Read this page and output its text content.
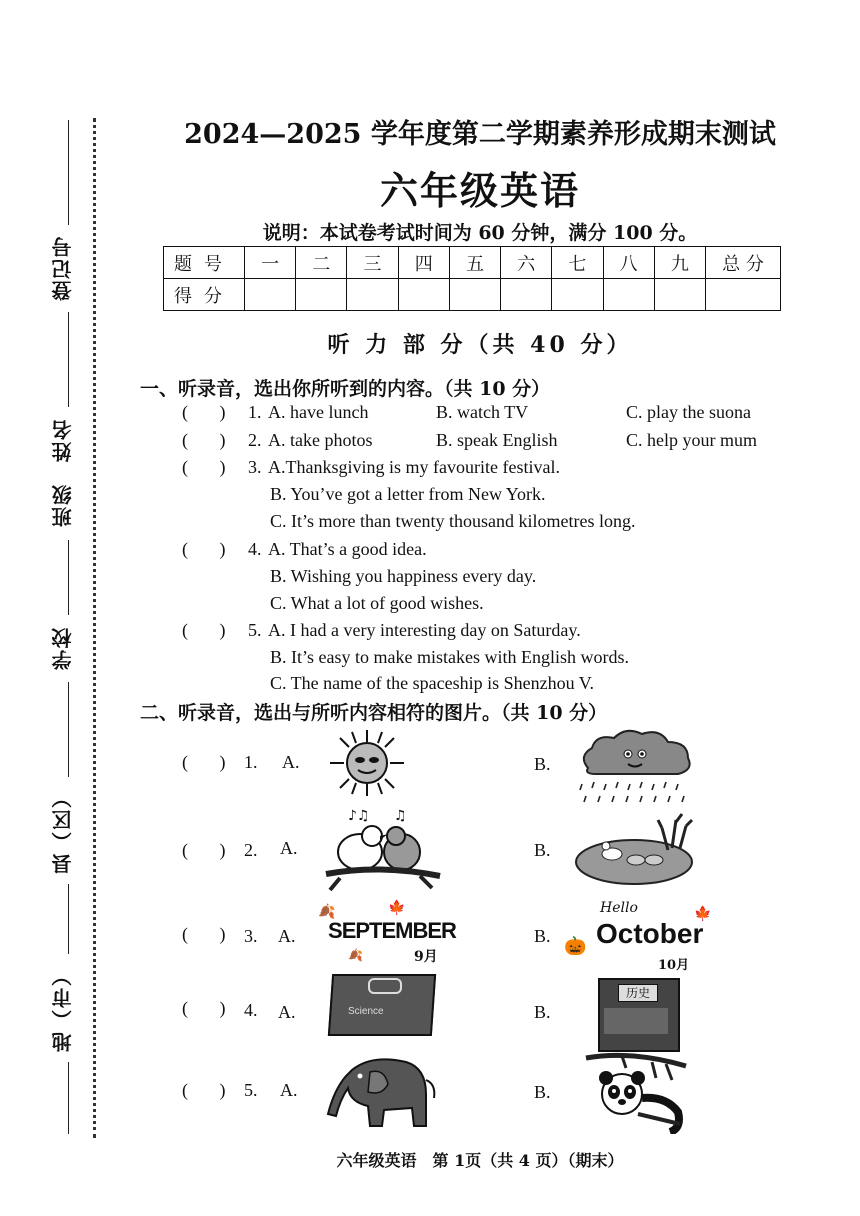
登记号
姓名
班级
学校
县（区）
地（市）
2024—2025 学年度第二学期素养形成期末测试
六年级英语
说明：本试卷考试时间为 60 分钟，满分 100 分。
题号	一	二	三	四	五	六	七	八	九	总 分
得分										
听 力 部 分（共 40 分）
一、听录音，选出你所听到的内容。（共 10 分）
(       ) 1. A. have lunch	B. watch TV	C. play the suona
(       ) 2. A. take photos	B. speak English	C. help your mum
(       ) 3. A.Thanksgiving is my favourite festival.
B. You’ve got a letter from New York.
C. It’s more than twenty thousand kilometres long.
(       ) 4. A. That’s a good idea.
B. Wishing you happiness every day.
C. What a lot of good wishes.
(       ) 5. A. I had a very interesting day on Saturday.
B. It’s easy to make mistakes with English words.
C. The name of the spaceship is Shenzhou V.
二、听录音，选出与所听内容相符的图片。（共 10 分）
(       ) 1. A.	B.
(       ) 2. A.	B.
♪♫ ♫
(       ) 3. A.	B.
🍂	🍁
SEPTEMBER
9月
🍂
Hello
🎃 October
10月
🍁
(       ) 4. A.	B.
Science
历史
(       ) 5. A.	B.
六年级英语　第 1页（共 4 页）（期末）
